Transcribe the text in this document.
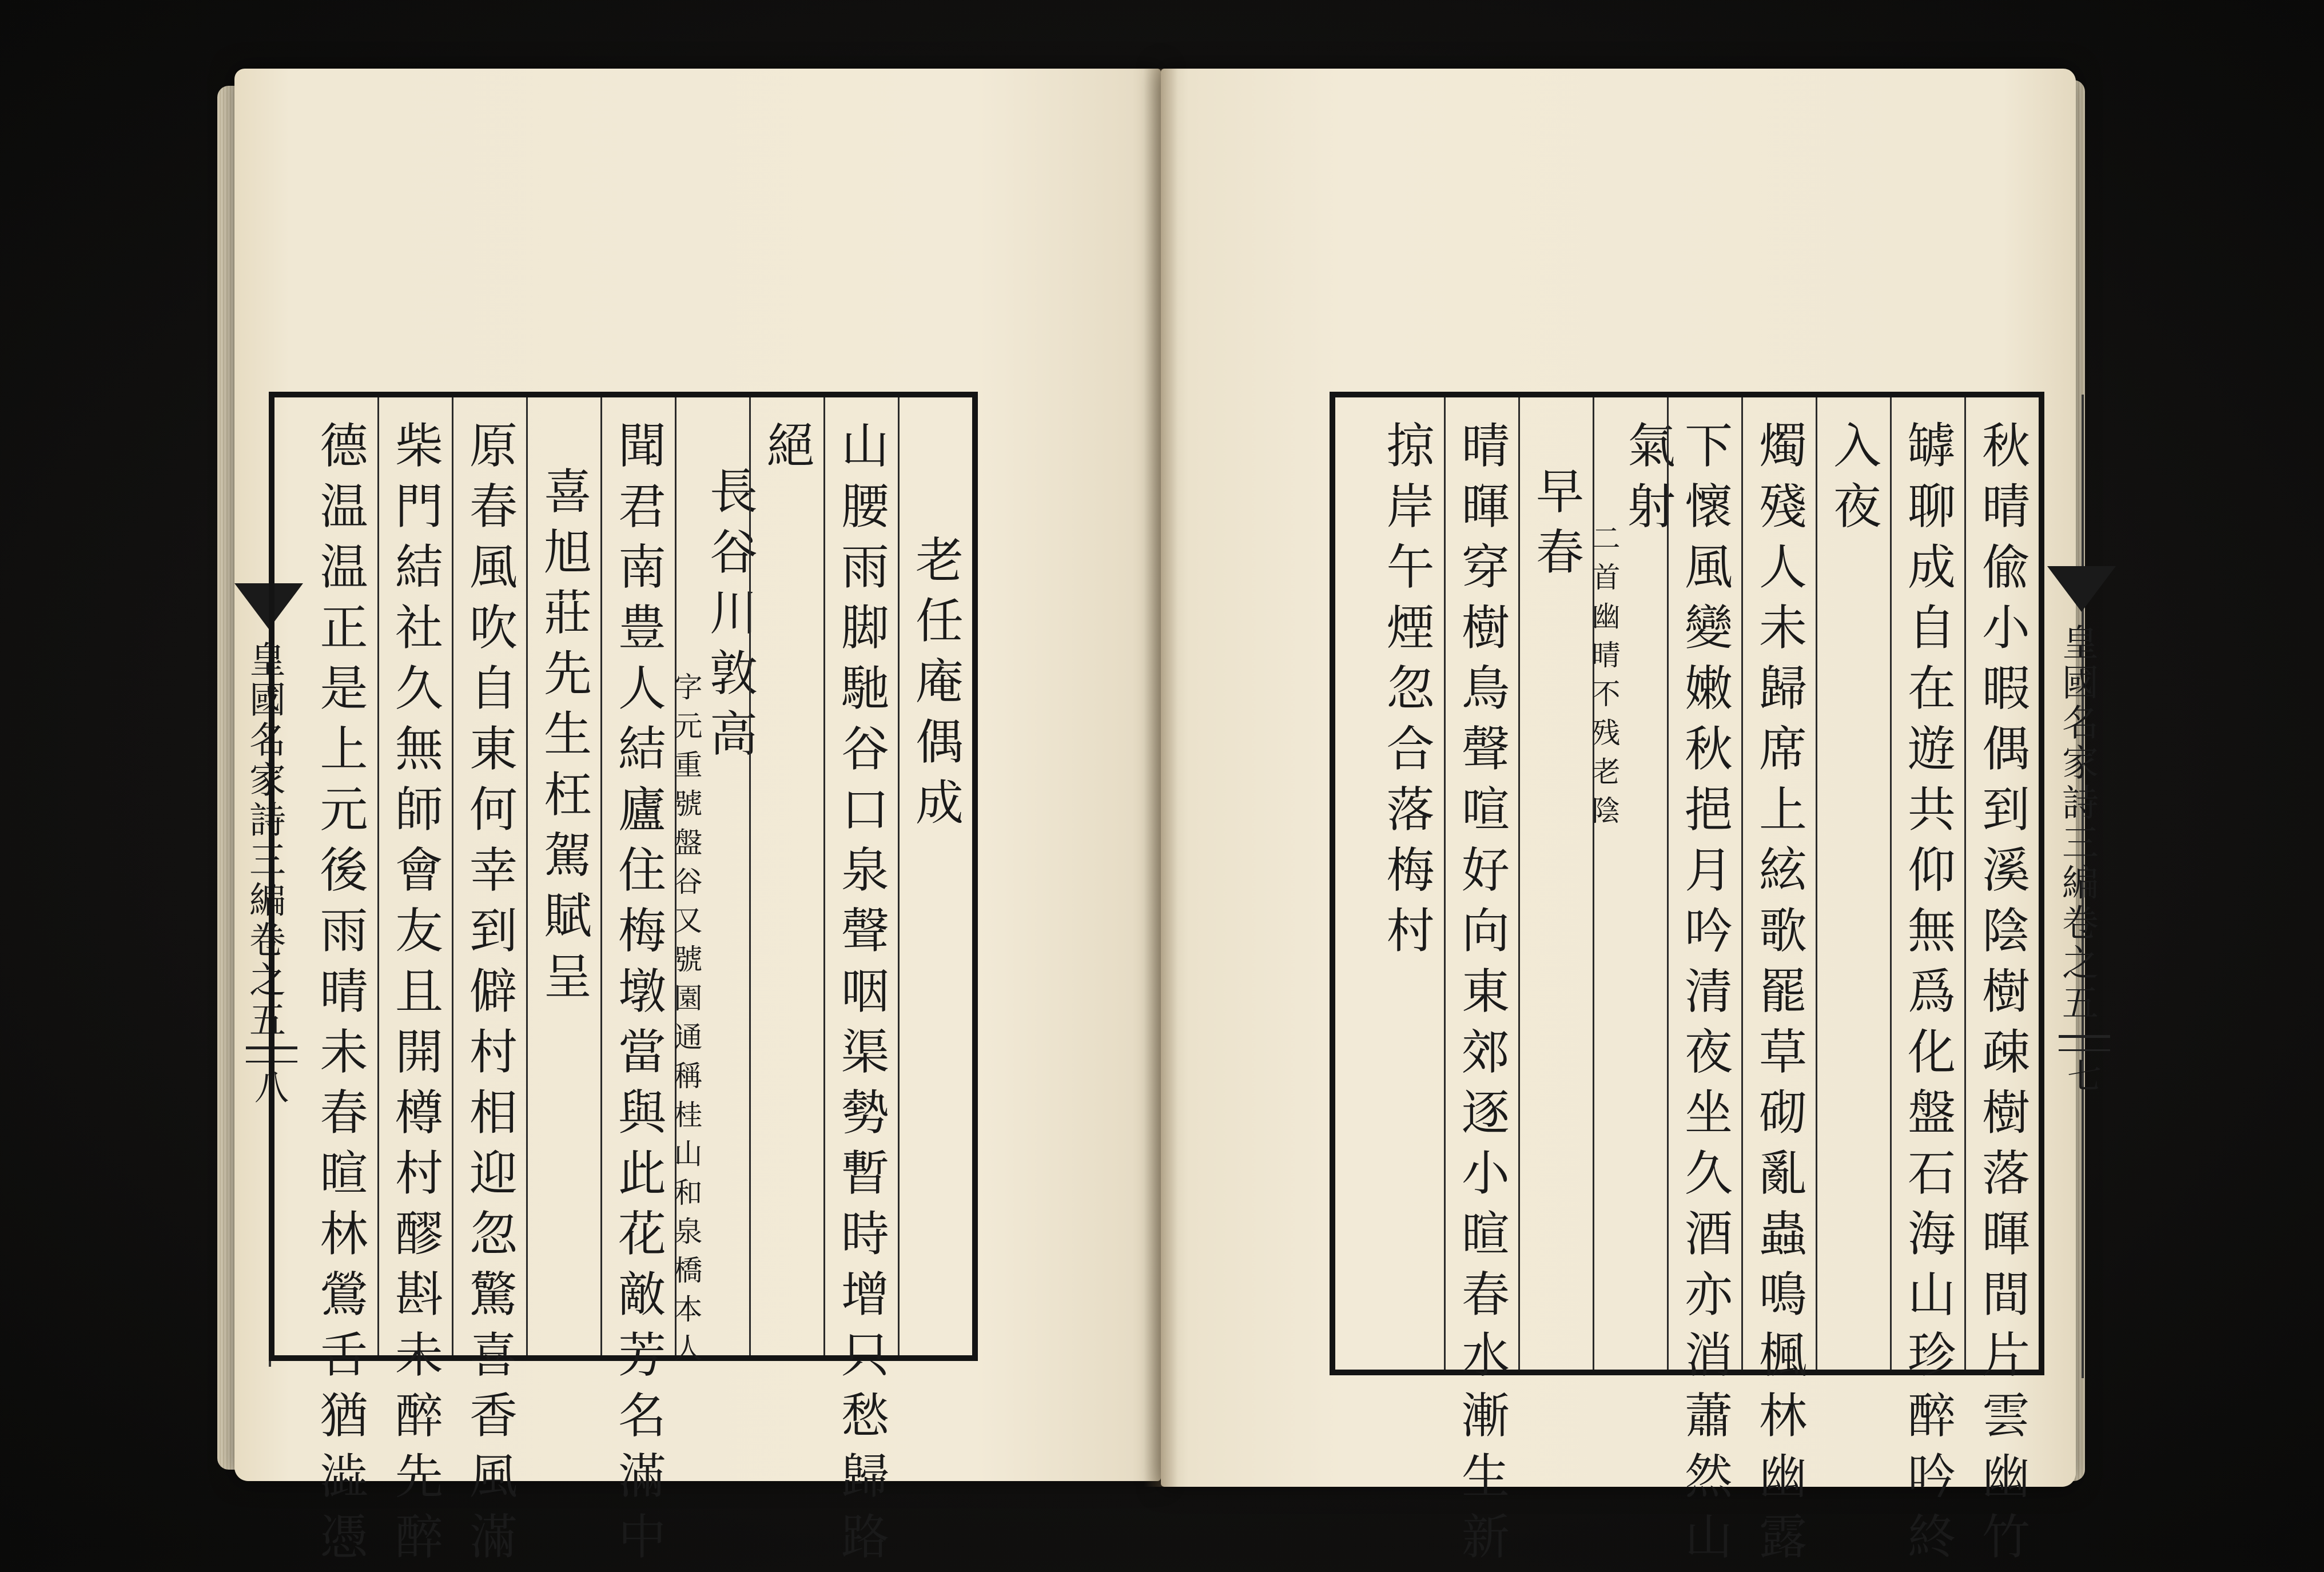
皇國名家詩三編卷之五
八
老任庵偶成
山腰雨脚馳谷口泉聲咽渠勢暫時增只愁歸路
絕
長谷川敦高
字元重號盤谷又號園通稱桂山和泉橋本人
聞君南豊人結廬住梅墩當與此花敵芳名滿中
喜旭莊先生枉駕賦呈
原春風吹自東何幸到僻村相迎忽驚喜香風滿
柴門結社久無師會友且開樽村醪斟未醉先醉
德温温正是上元後雨晴未春暄林鶯舌猶澁憑	秋晴偸小暇偶到溪陰樹疎樹落暉間片雲幽竹
罅聊成自在遊共仰無爲化盤石海山珍醉吟終
入夜
燭殘人未歸席上絃歌罷草砌亂蟲鳴楓林幽露
下懷風變嫩秋挹月吟清夜坐久酒亦消蕭然山
氣射
二首幽晴不残老陰
早春
晴暉穿樹鳥聲喧好向東郊逐小暄春水漸生新
掠岸午煙忽合落梅村	皇國名家詩三編卷之五
七
